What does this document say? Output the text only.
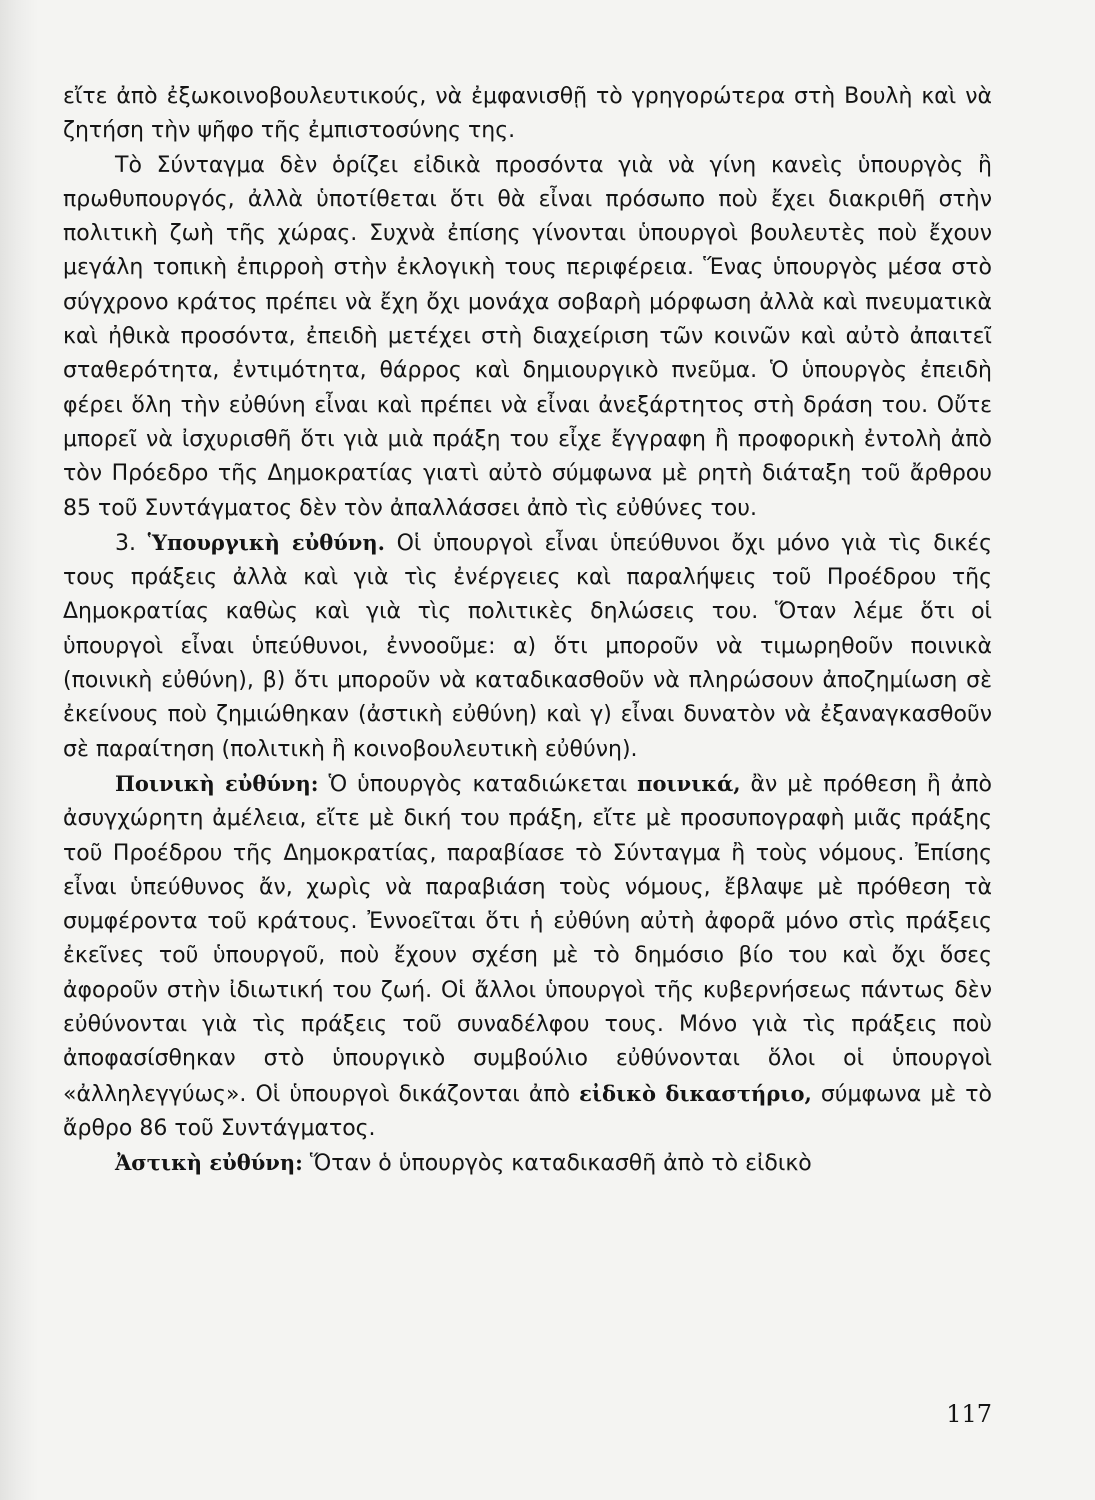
εἴτε ἀπὸ ἐξωκοινοβουλευτικούς, νὰ ἐμφανισθῇ τὸ γρηγορώτερα στὴ Βουλὴ καὶ νὰ ζητήση τὴν ψῆφο τῆς ἐμπιστοσύνης της.

Τὸ Σύνταγμα δὲν ὁρίζει εἰδικὰ προσόντα γιὰ νὰ γίνη κανεὶς ὑπουργὸς ἢ πρωθυπουργός, ἀλλὰ ὑποτίθεται ὅτι θὰ εἶναι πρόσωπο ποὺ ἔχει διακριθῆ στὴν πολιτικὴ ζωὴ τῆς χώρας. Συχνὰ ἐπίσης γίνονται ὑπουργοὶ βουλευτὲς ποὺ ἔχουν μεγάλη τοπικὴ ἐπιρροὴ στὴν ἐκλογικὴ τους περιφέρεια. Ἕνας ὑπουργὸς μέσα στὸ σύγχρονο κράτος πρέπει νὰ ἔχη ὄχι μονάχα σοβαρὴ μόρφωση ἀλλὰ καὶ πνευματικὰ καὶ ἠθικὰ προσόντα, ἐπειδὴ μετέχει στὴ διαχείριση τῶν κοινῶν καὶ αὐτὸ ἀπαιτεῖ σταθερότητα, ἐντιμότητα, θάρρος καὶ δημιουργικὸ πνεῦμα. Ὁ ὑπουργὸς ἐπειδὴ φέρει ὅλη τὴν εὐθύνη εἶναι καὶ πρέπει νὰ εἶναι ἀνεξάρτητος στὴ δράση του. Οὔτε μπορεῖ νὰ ἰσχυρισθῆ ὅτι γιὰ μιὰ πράξη του εἶχε ἔγγραφη ἢ προφορικὴ ἐντολὴ ἀπὸ τὸν Πρόεδρο τῆς Δημοκρατίας γιατὶ αὐτὸ σύμφωνα μὲ ρητὴ διάταξη τοῦ ἄρθρου 85 τοῦ Συντάγματος δὲν τὸν ἀπαλλάσσει ἀπὸ τὶς εὐθύνες του.

3. Ὑπουργικὴ εὐθύνη. Οἱ ὑπουργοὶ εἶναι ὑπεύθυνοι ὄχι μόνο γιὰ τὶς δικές τους πράξεις ἀλλὰ καὶ γιὰ τὶς ἐνέργειες καὶ παραλήψεις τοῦ Προέδρου τῆς Δημοκρατίας καθὼς καὶ γιὰ τὶς πολιτικὲς δηλώσεις του. Ὅταν λέμε ὅτι οἱ ὑπουργοὶ εἶναι ὑπεύθυνοι, ἐννοοῦμε: α) ὅτι μποροῦν νὰ τιμωρηθοῦν ποινικὰ (ποινικὴ εὐθύνη), β) ὅτι μποροῦν νὰ καταδικασθοῦν νὰ πληρώσουν ἀποζημίωση σὲ ἐκείνους ποὺ ζημιώθηκαν (ἀστικὴ εὐθύνη) καὶ γ) εἶναι δυνατὸν νὰ ἐξαναγκασθοῦν σὲ παραίτηση (πολιτικὴ ἢ κοινοβουλευτικὴ εὐθύνη).

Ποινικὴ εὐθύνη: Ὁ ὑπουργὸς καταδιώκεται ποινικά, ἂν μὲ πρόθεση ἢ ἀπὸ ἀσυγχώρητη ἀμέλεια, εἴτε μὲ δική του πράξη, εἴτε μὲ προσυπογραφὴ μιᾶς πράξης τοῦ Προέδρου τῆς Δημοκρατίας, παραβίασε τὸ Σύνταγμα ἢ τοὺς νόμους. Ἐπίσης εἶναι ὑπεύθυνος ἄν, χωρὶς νὰ παραβιάση τοὺς νόμους, ἔβλαψε μὲ πρόθεση τὰ συμφέροντα τοῦ κράτους. Ἐννοεῖται ὅτι ἡ εὐθύνη αὐτὴ ἀφορᾶ μόνο στὶς πράξεις ἐκεῖνες τοῦ ὑπουργοῦ, ποὺ ἔχουν σχέση μὲ τὸ δημόσιο βίο του καὶ ὄχι ὅσες ἀφοροῦν στὴν ἰδιωτική του ζωή. Οἱ ἄλλοι ὑπουργοὶ τῆς κυβερνήσεως πάντως δὲν εὐθύνονται γιὰ τὶς πράξεις τοῦ συναδέλφου τους. Μόνο γιὰ τὶς πράξεις ποὺ ἀποφασίσθηκαν στὸ ὑπουργικὸ συμβούλιο εὐθύνονται ὅλοι οἱ ὑπουργοὶ «ἀλληλεγγύως». Οἱ ὑπουργοὶ δικάζονται ἀπὸ εἰδικὸ δικαστήριο, σύμφωνα μὲ τὸ ἄρθρο 86 τοῦ Συντάγματος.

Ἀστικὴ εὐθύνη: Ὅταν ὁ ὑπουργὸς καταδικασθῆ ἀπὸ τὸ εἰδικὸ

117
